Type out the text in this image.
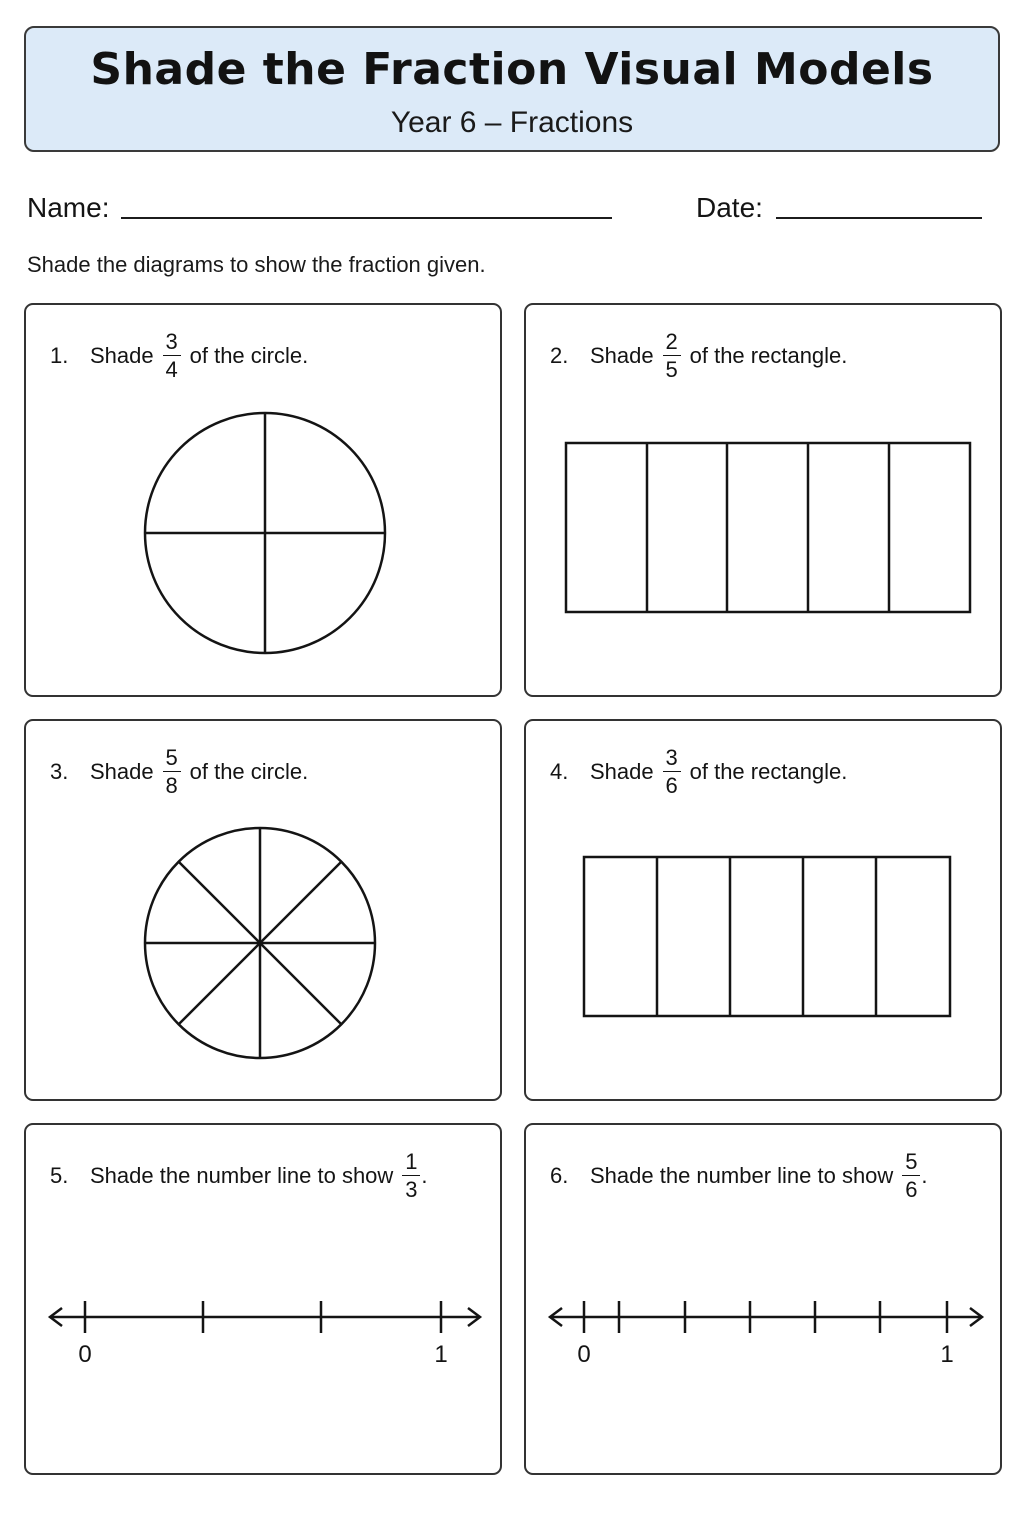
Shade the Fraction Visual Models
Year 6 – Fractions
Name:	Date:
Shade the diagrams to show the fraction given.
1. Shade $\frac{3}{4}$ of the circle.	2. Shade $\frac{2}{5}$ of the rectangle.
3. Shade $\frac{5}{8}$ of the circle.	4. Shade $\frac{3}{6}$ of the rectangle.
5. Shade the number line to show $\frac{1}{3}$ .
0	1
6. Shade the number line to show $\frac{5}{6}$ .
0	1
